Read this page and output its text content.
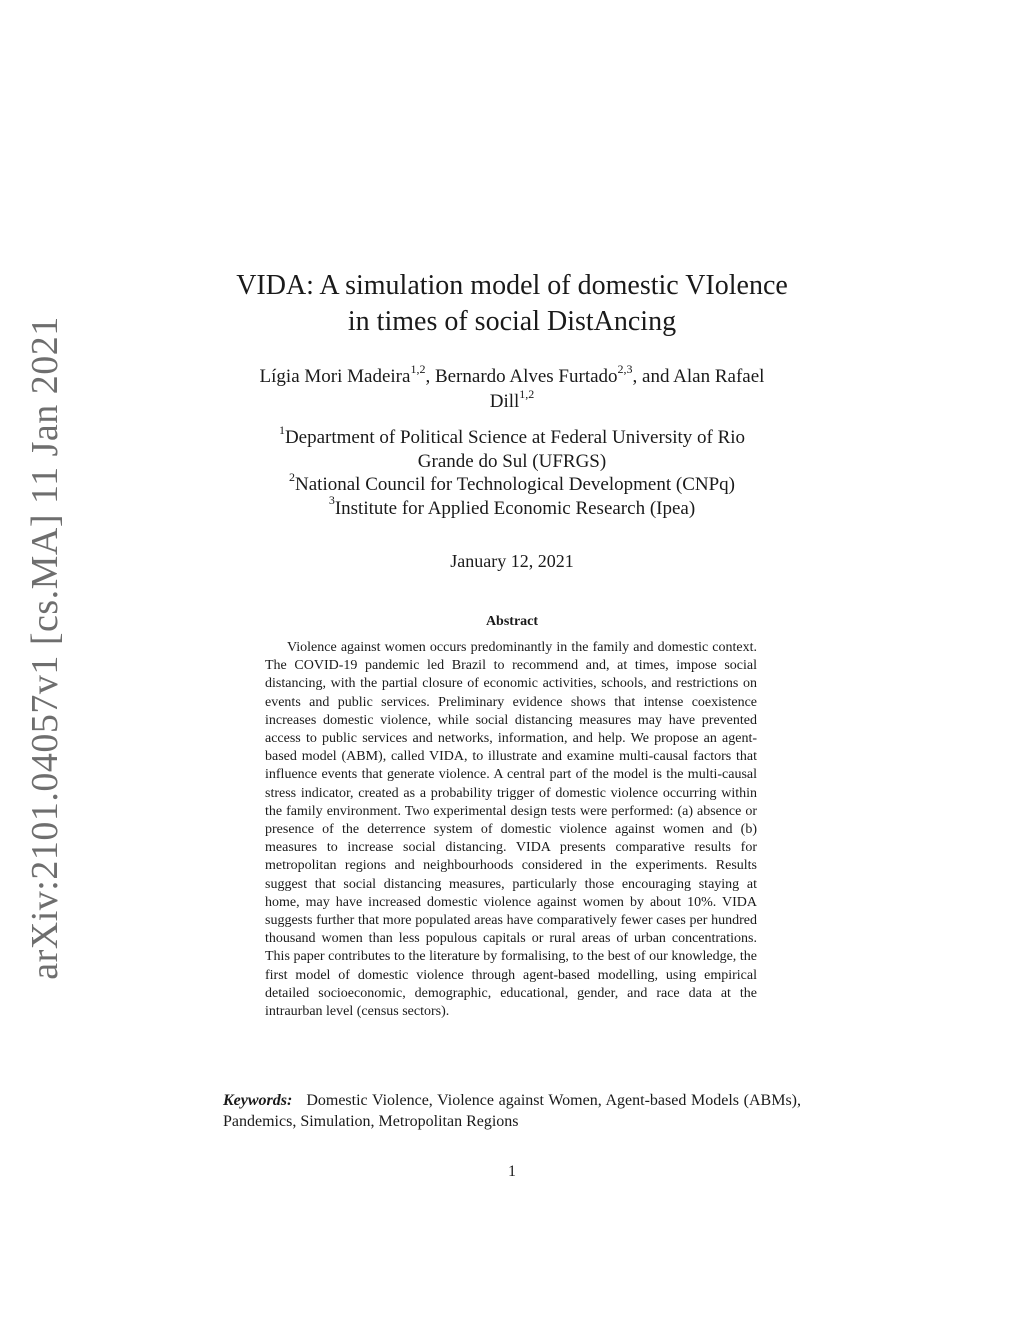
arXiv:2101.04057v1 [cs.MA] 11 Jan 2021
VIDA: A simulation model of domestic VIolence
in times of social DistAncing
Lígia Mori Madeira$^{1,2}$, Bernardo Alves Furtado$^{2,3}$, and Alan Rafael
Dill$^{1,2}$
$^1$Department of Political Science at Federal University of Rio
Grande do Sul (UFRGS)
$^2$National Council for Technological Development (CNPq)
$^3$Institute for Applied Economic Research (Ipea)
January 12, 2021
Abstract

Violence against women occurs predominantly in the family and domestic context. The COVID-19 pandemic led Brazil to recommend and, at times, impose social distancing, with the partial closure of economic activities, schools, and restrictions on events and public services. Preliminary evidence shows that intense coexistence increases domestic violence, while social distancing measures may have prevented access to public services and networks, information, and help. We propose an agent-based model (ABM), called VIDA, to illustrate and examine multi-causal factors that influence events that generate violence. A central part of the model is the multi-causal stress indicator, created as a probability trigger of domestic violence occurring within the family environment. Two experimental design tests were performed: (a) absence or presence of the deterrence system of domestic violence against women and (b) measures to increase social distancing. VIDA presents comparative results for metropolitan regions and neighbourhoods considered in the experiments. Results suggest that social distancing measures, particularly those encouraging staying at home, may have increased domestic violence against women by about 10%. VIDA suggests further that more populated areas have comparatively fewer cases per hundred thousand women than less populous capitals or rural areas of urban concentrations. This paper contributes to the literature by formalising, to the best of our knowledge, the first model of domestic violence through agent-based modelling, using empirical detailed socioeconomic, demographic, educational, gender, and race data at the intraurban level (census sectors).

Keywords: Domestic Violence, Violence against Women, Agent-based Models (ABMs), Pandemics, Simulation, Metropolitan Regions

1
